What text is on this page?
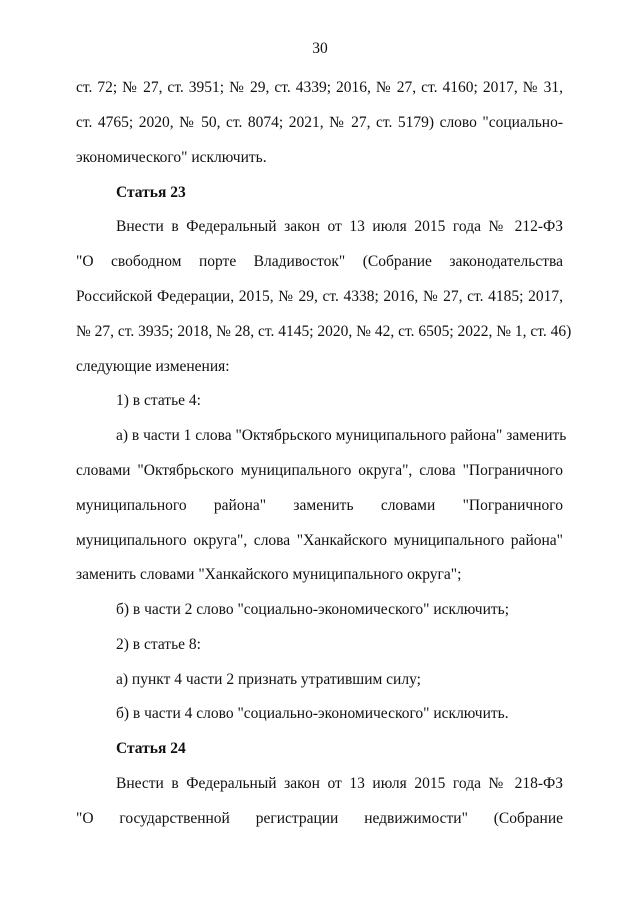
30
ст. 72; № 27, ст. 3951; № 29, ст. 4339; 2016, № 27, ст. 4160; 2017, № 31,
ст. 4765; 2020, № 50, ст. 8074; 2021, № 27, ст. 5179) слово "социально-
экономического" исключить.
Статья 23
Внести в Федеральный закон от 13 июля 2015 года № 212-ФЗ
"О свободном порте Владивосток" (Собрание законодательства
Российской Федерации, 2015, № 29, ст. 4338; 2016, № 27, ст. 4185; 2017,
№ 27, ст. 3935; 2018, № 28, ст. 4145; 2020, № 42, ст. 6505; 2022, № 1, ст. 46)
следующие изменения:
1) в статье 4:
а) в части 1 слова "Октябрьского муниципального района" заменить
словами "Октябрьского муниципального округа", слова "Пограничного
муниципального района" заменить словами "Пограничного
муниципального округа", слова "Ханкайского муниципального района"
заменить словами "Ханкайского муниципального округа";
б) в части 2 слово "социально-экономического" исключить;
2) в статье 8:
а) пункт 4 части 2 признать утратившим силу;
б) в части 4 слово "социально-экономического" исключить.
Статья 24
Внести в Федеральный закон от 13 июля 2015 года № 218-ФЗ
"О государственной регистрации недвижимости" (Собрание
